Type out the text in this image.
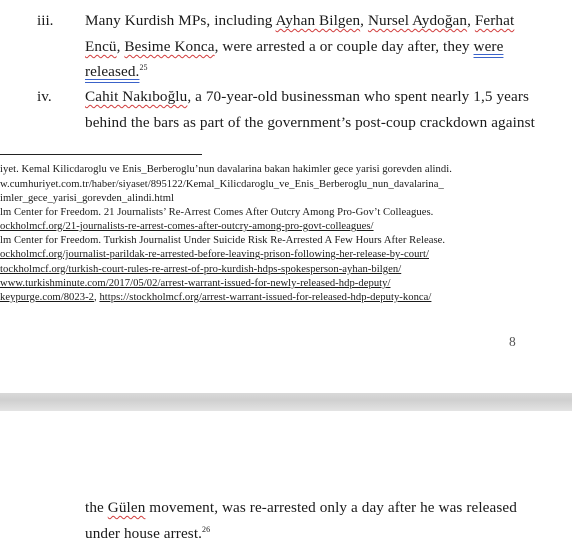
iii. Many Kurdish MPs, including Ayhan Bilgen, Nursel Aydoğan, Ferhat
Encü, Besime Konca, were arrested a or couple day after, they were
released.$^{25}$
iv. Cahit Nakıboğlu, a 70-year-old businessman who spent nearly 1,5 years
behind the bars as part of the government’s post-coup crackdown against
iyet. Kemal Kilicdaroglu ve Enis_Berberoglu’nun davalarina bakan hakimler gece yarisi gorevden alindi.
w.cumhuriyet.com.tr/haber/siyaset/895122/Kemal_Kilicdaroglu_ve_Enis_Berberoglu_nun_davalarina_
imler_gece_yarisi_gorevden_alindi.html
lm Center for Freedom. 21 Journalists’ Re-Arrest Comes After Outcry Among Pro-Gov’t Colleagues.
ockholmcf.org/21-journalists-re-arrest-comes-after-outcry-among-pro-govt-colleagues/
lm Center for Freedom. Turkish Journalist Under Suicide Risk Re-Arrested A Few Hours After Release.
ockholmcf.org/journalist-parildak-re-arrested-before-leaving-prison-following-her-release-by-court/
tockholmcf.org/turkish-court-rules-re-arrest-of-pro-kurdish-hdps-spokesperson-ayhan-bilgen/
www.turkishminute.com/2017/05/02/arrest-warrant-issued-for-newly-released-hdp-deputy/
keypurge.com/8023-2, https://stockholmcf.org/arrest-warrant-issued-for-released-hdp-deputy-konca/
8
the Gülen movement, was re-arrested only a day after he was released
under house arrest.$^{26}$
